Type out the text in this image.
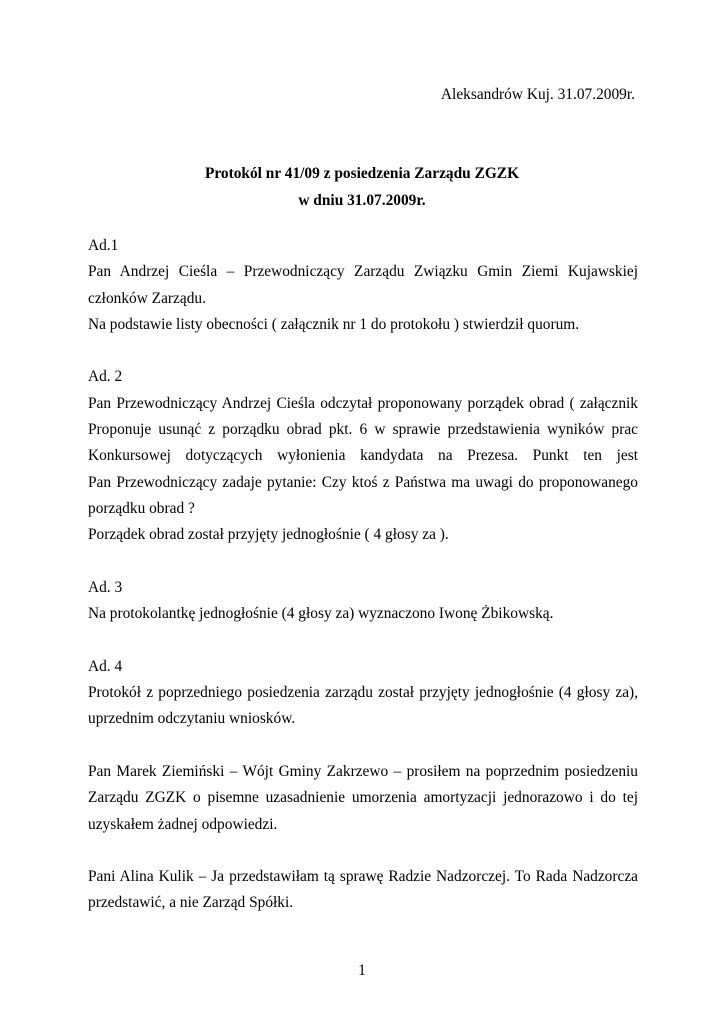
Aleksandrów Kuj. 31.07.2009r.
Protokól nr 41/09 z posiedzenia Zarządu ZGZK
w dniu 31.07.2009r.
Ad.1
Pan Andrzej Cieśla – Przewodniczący Zarządu Związku Gmin Ziemi Kujawskiej
członków Zarządu.
Na podstawie listy obecności ( załącznik nr 1 do protokołu ) stwierdził quorum.
Ad. 2
Pan Przewodniczący Andrzej Cieśla odczytał proponowany porządek obrad ( załącznik
Proponuje usunąć z porządku obrad pkt. 6 w sprawie przedstawienia wyników prac
Konkursowej dotyczących wyłonienia kandydata na Prezesa. Punkt ten jest
Pan Przewodniczący zadaje pytanie: Czy ktoś z Państwa ma uwagi do proponowanego
porządku obrad ?
Porządek obrad został przyjęty jednogłośnie ( 4 głosy za ).
Ad. 3
Na protokolantkę jednogłośnie (4 głosy za) wyznaczono Iwonę Żbikowską.
Ad. 4
Protokół z poprzedniego posiedzenia zarządu został przyjęty jednogłośnie (4 głosy za),
uprzednim odczytaniu wniosków.
Pan Marek Ziemiński – Wójt Gminy Zakrzewo – prosiłem na poprzednim posiedzeniu
Zarządu ZGZK o pisemne uzasadnienie umorzenia amortyzacji jednorazowo i do tej
uzyskałem żadnej odpowiedzi.
Pani Alina Kulik – Ja przedstawiłam tą sprawę Radzie Nadzorczej. To Rada Nadzorcza
przedstawić, a nie Zarząd Spółki.
1
